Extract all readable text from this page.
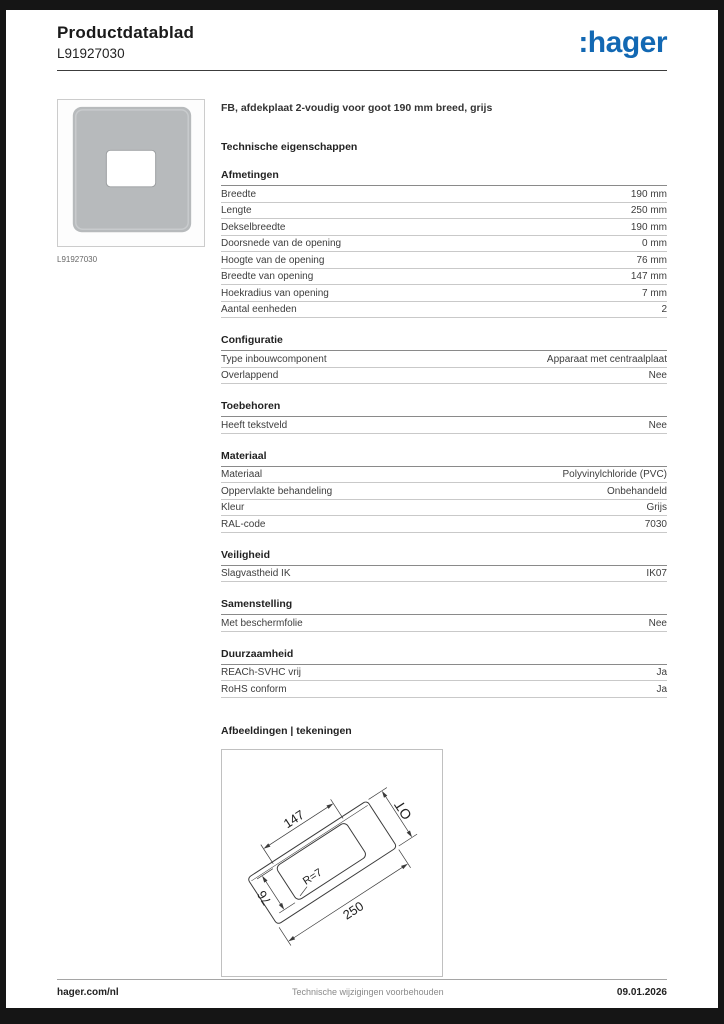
Productdatablad
L91927030	:hager
L91927030
FB, afdekplaat 2-voudig voor goot 190 mm breed, grijs
Technische eigenschappen
Afmetingen
Breedte	190 mm
Lengte	250 mm
Dekselbreedte	190 mm
Doorsnede van de opening	0 mm
Hoogte van de opening	76 mm
Breedte van opening	147 mm
Hoekradius van opening	7 mm
Aantal eenheden	2
Configuratie
Type inbouwcomponent	Apparaat met centraalplaat
Overlappend	Nee
Toebehoren
Heeft tekstveld	Nee
Materiaal
Materiaal	Polyvinylchloride (PVC)
Oppervlakte behandeling	Onbehandeld
Kleur	Grijs
RAL-code	7030
Veiligheid
Slagvastheid IK	IK07
Samenstelling
Met beschermfolie	Nee
Duurzaamheid
REACh-SVHC vrij	Ja
RoHS conform	Ja
Afbeeldingen | tekeningen
147
76
R=7
250
OT
hager.com/nl	Technische wijzigingen voorbehouden	09.01.2026
